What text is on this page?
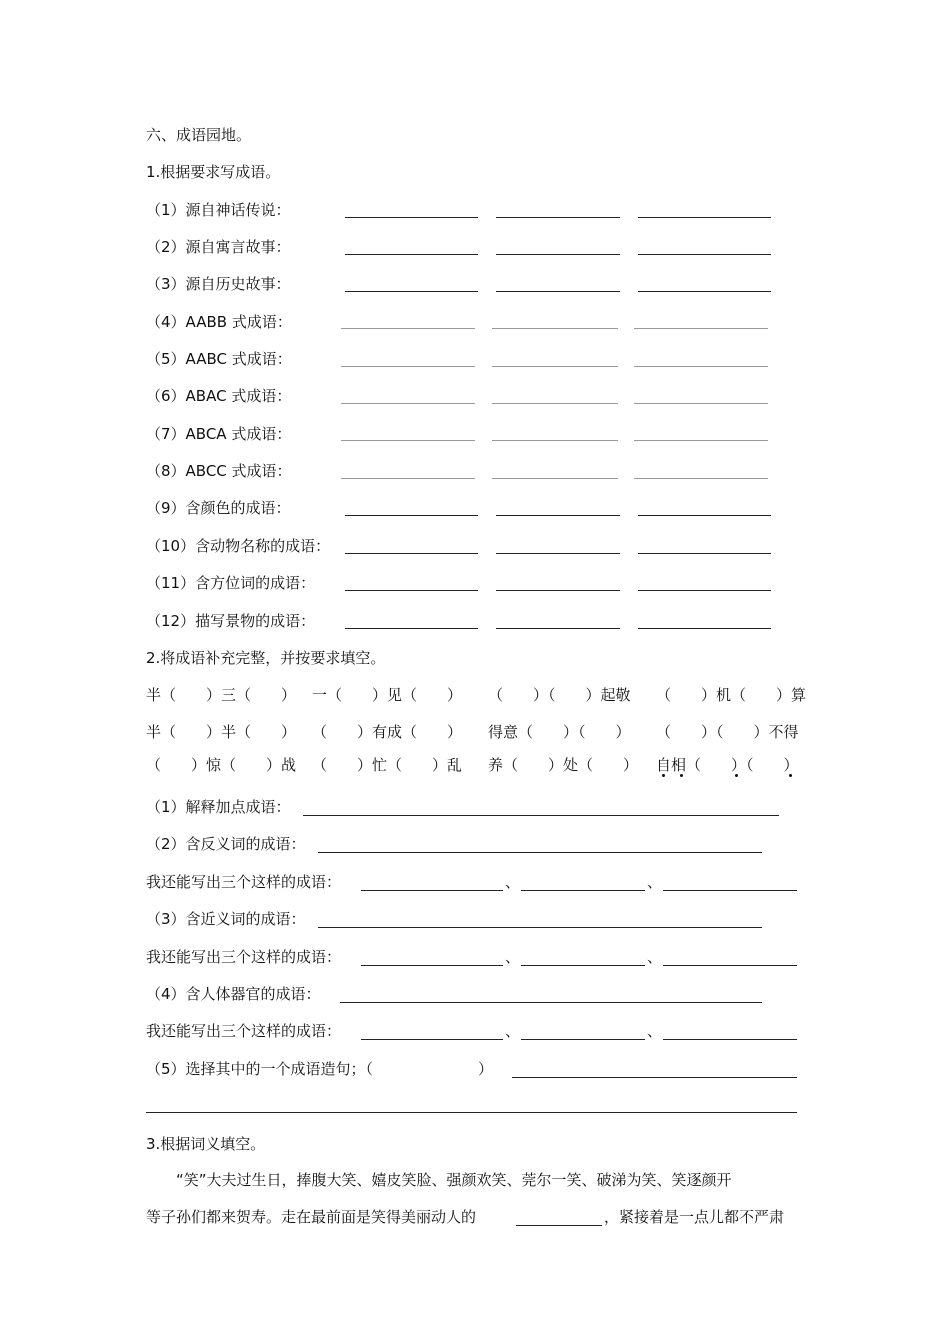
六、成语园地。
1.根据要求写成语。
（1）源自神话传说：
（2）源自寓言故事：
（3）源自历史故事：
（4）AABB 式成语：
（5）AABC 式成语：
（6）ABAC 式成语：
（7）ABCA 式成语：
（8）ABCC 式成语：
（9）含颜色的成语：
（10）含动物名称的成语：
（11）含方位词的成语：
（12）描写景物的成语：
2.将成语补充完整，并按要求填空。
半（　　）三（　　） 一（　　）见（　　） （　　）（　　）起敬 （　　）机（　　）算
半（　　）半（　　） （　　）有成（　　） 得意（　　）（　　） （　　）（　　）不得
（　　）惊（　　）战 （　　）忙（　　）乱 养（　　）处（　　） 自相（　　）（　　）
（1）解释加点成语：
（2）含反义词的成语：
我还能写出三个这样的成语：	、	、
（3）含近义词的成语：
我还能写出三个这样的成语：	、	、
（4）含人体器官的成语：
我还能写出三个这样的成语：	、	、
（5）选择其中的一个成语造句；（　　　　　　　）
3.根据词义填空。
“笑”大夫过生日，捧腹大笑、嬉皮笑脸、强颜欢笑、莞尔一笑、破涕为笑、笑逐颜开
等子孙们都来贺寿。走在最前面是笑得美丽动人的	，紧接着是一点儿都不严肃
